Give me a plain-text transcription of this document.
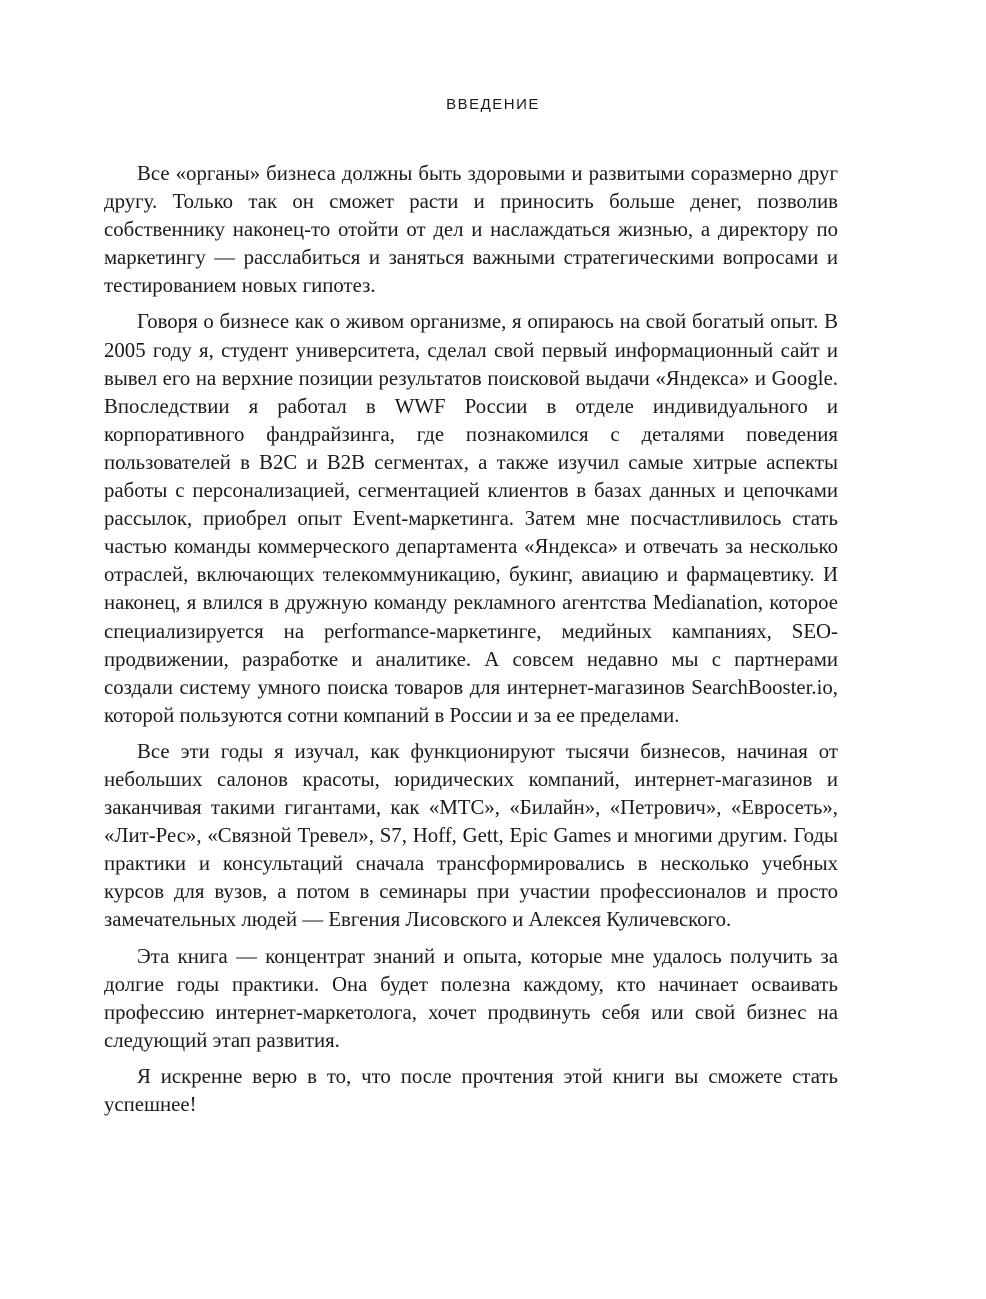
ВВЕДЕНИЕ

Все «органы» бизнеса должны быть здоровыми и развитыми соразмерно друг другу. Только так он сможет расти и приносить больше денег, позволив собственнику наконец-то отойти от дел и наслаждаться жизнью, а директору по маркетингу — расслабиться и заняться важными стратегическими вопросами и тестированием новых гипотез.

Говоря о бизнесе как о живом организме, я опираюсь на свой богатый опыт. В 2005 году я, студент университета, сделал свой первый информационный сайт и вывел его на верхние позиции результатов поисковой выдачи «Яндекса» и Google. Впоследствии я работал в WWF России в отделе индивидуального и корпоративного фандрайзинга, где познакомился с деталями поведения пользователей в B2C и B2B сегментах, а также изучил самые хитрые аспекты работы с персонализацией, сегментацией клиентов в базах данных и цепочками рассылок, приобрел опыт Event-маркетинга. Затем мне посчастливилось стать частью команды коммерческого департамента «Яндекса» и отвечать за несколько отраслей, включающих телекоммуникацию, букинг, авиацию и фармацевтику. И наконец, я влился в дружную команду рекламного агентства Medianation, которое специализируется на performance-маркетинге, медийных кампаниях, SEO-продвижении, разработке и аналитике. А совсем недавно мы с партнерами создали систему умного поиска товаров для интернет-магазинов SearchBooster.io, которой пользуются сотни компаний в России и за ее пределами.

Все эти годы я изучал, как функционируют тысячи бизнесов, начиная от небольших салонов красоты, юридических компаний, интернет-магазинов и заканчивая такими гигантами, как «МТС», «Билайн», «Петрович», «Евросеть», «Лит-Рес», «Связной Тревел», S7, Hoff, Gett, Epic Games и многими другим. Годы практики и консультаций сначала трансформировались в несколько учебных курсов для вузов, а потом в семинары при участии профессионалов и просто замечательных людей — Евгения Лисовского и Алексея Куличевского.

Эта книга — концентрат знаний и опыта, которые мне удалось получить за долгие годы практики. Она будет полезна каждому, кто начинает осваивать профессию интернет-маркетолога, хочет продвинуть себя или свой бизнес на следующий этап развития.

Я искренне верю в то, что после прочтения этой книги вы сможете стать успешнее!
